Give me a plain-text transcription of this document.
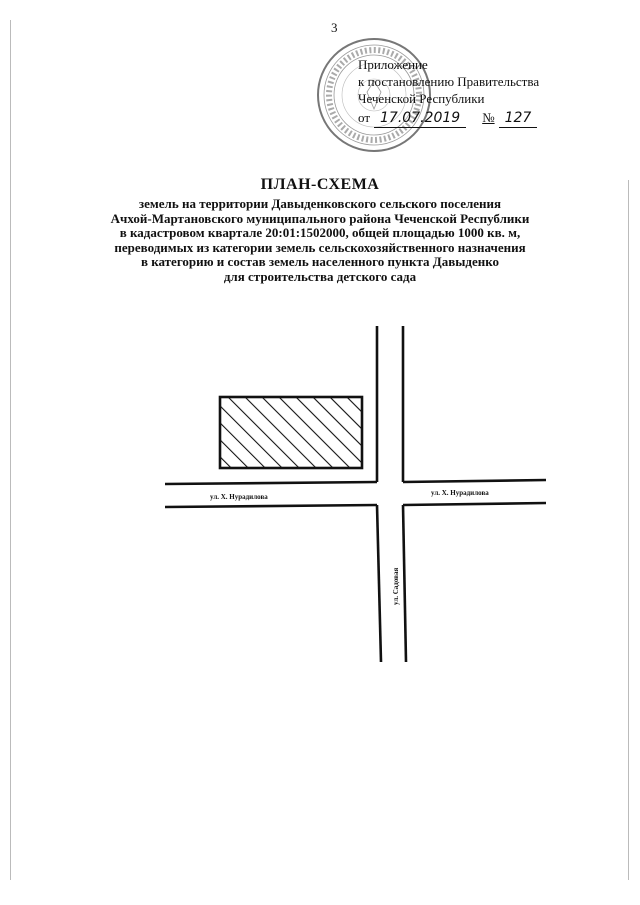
3
Приложение
к постановлению Правительства
Чеченской Республики
от 17.07.2019	№ 127
ПЛАН-СХЕМА
земель на территории Давыденковского сельского поселения
Ачхой-Мартановского муниципального района Чеченской Республики
в кадастровом квартале 20:01:1502000, общей площадью 1000 кв. м,
переводимых из категории земель сельскохозяйственного назначения
в категорию и состав земель населенного пункта Давыденко
для строительства детского сада
ул. Х. Нурадилова	ул. Х. Нурадилова
ул. Садовая
